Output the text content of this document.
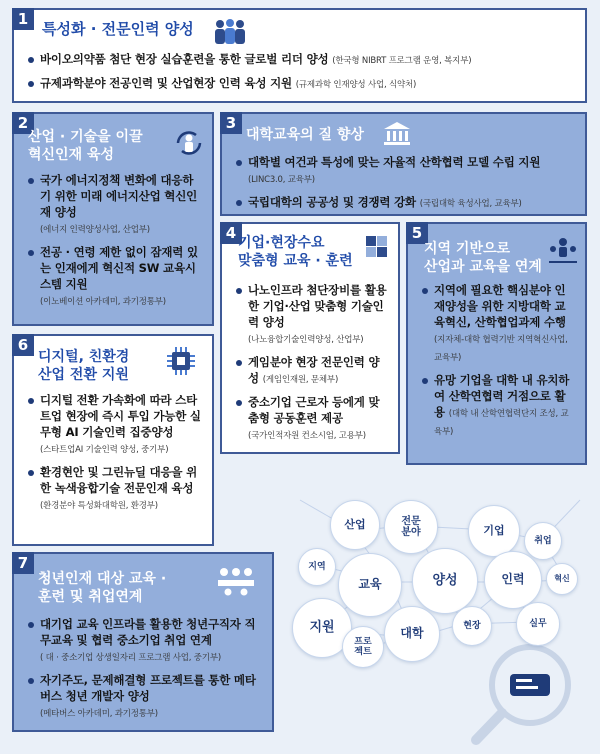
1
특성화 · 전문인력 양성
바이오의약품 첨단 현장 실습훈련을 통한 글로벌 리더 양성 (한국형 NIBRT 프로그램 운영, 복지부)
규제과학분야 전공인력 및 산업현장 인력 육성 지원 (규제과학 인재양성 사업, 식약처)
2
산업 · 기술을 이끌
혁신인재 육성
국가 에너지정책 변화에 대응하기 위한 미래 에너지산업 혁신인재 양성
(에너지 인력양성사업, 산업부)
전공 · 연령 제한 없이 잠재력 있는 인재에게 혁신적 SW 교육시스템 지원
(이노베이션 아카데미, 과기정통부)
3
대학교육의 질 향상
대학별 여건과 특성에 맞는 자율적 산학협력 모델 수립 지원
(LINC3.0, 교육부)
국립대학의 공공성 및 경쟁력 강화 (국립대학 육성사업, 교육부)
4
기업·현장수요
맞춤형 교육 · 훈련
나노인프라 첨단장비를 활용한 기업·산업 맞춤형 기술인력 양성
(나노융합기술인력양성, 산업부)
게임분야 현장 전문인력 양성 (게임인재원, 문체부)
중소기업 근로자 등에게 맞춤형 공동훈련 제공
(국가인적자원 컨소시엄, 고용부)
5
지역 기반으로
산업과 교육을 연계
지역에 필요한 핵심분야 인재양성을 위한 지방대학 교육혁신, 산학협업과제 수행 (지자체-대학 협력기반 지역혁신사업, 교육부)
유망 기업을 대학 내 유치하여 산학연협력 거점으로 활용 (대학 내 산학연협력단지 조성, 교육부)
6
디지털, 친환경
산업 전환 지원
디지털 전환 가속화에 따라 스타트업 현장에 즉시 투입 가능한 실무형 AI 기술인력 집중양성
(스타트업AI 기술인력 양성, 중기부)
환경현안 및 그린뉴딜 대응을 위한 녹색융합기술 전문인재 육성 (환경분야 특성화대학원, 환경부)
7
청년인재 대상 교육 ·
훈련 및 취업연계
대기업 교육 인프라를 활용한 청년구직자 직무교육 및 협력 중소기업 취업 연계
( 대 · 중소기업 상생일자리 프로그램 사업, 중기부)
자기주도, 문제해결형 프로젝트를 통한 메타버스 청년 개발자 양성
(메타버스 아카데미, 과기정통부)
산업	전문
분야	기업
취업
지역
교육	양성	인력	혁신
지원
프로
젝트
대학
현장	실무
